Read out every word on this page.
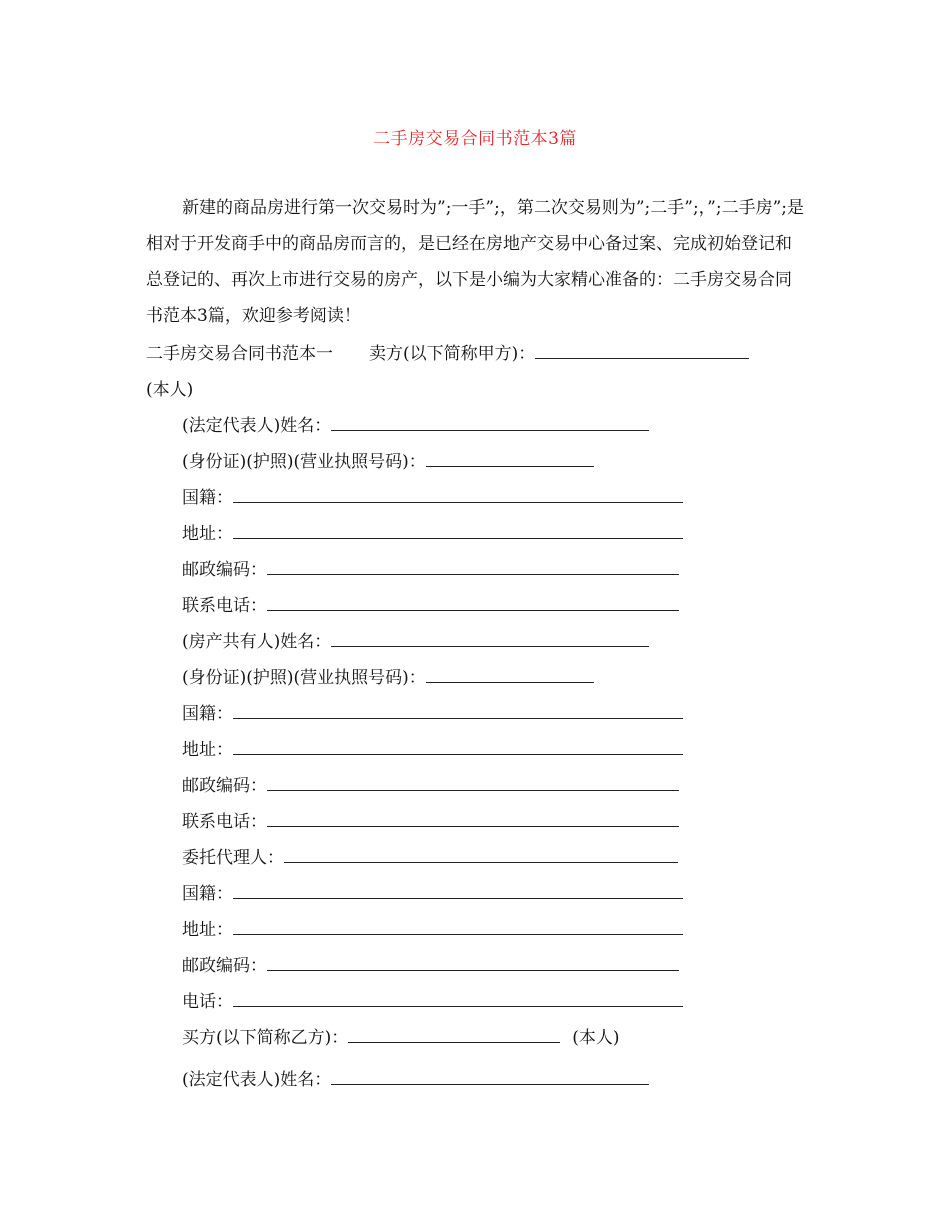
二手房交易合同书范本3篇

新建的商品房进行第一次交易时为”;一手”;，第二次交易则为”;二手”;，”;二手房”;是相对于开发商手中的商品房而言的，是已经在房地产交易中心备过案、完成初始登记和总登记的、再次上市进行交易的房产，以下是小编为大家精心准备的：二手房交易合同书范本3篇，欢迎参考阅读！

二手房交易合同书范本一 卖方(以下简称甲方)：
(本人)
(法定代表人)姓名：
(身份证)(护照)(营业执照号码)：
国籍：
地址：
邮政编码：
联系电话：
(房产共有人)姓名：
(身份证)(护照)(营业执照号码)：
国籍：
地址：
邮政编码：
联系电话：
委托代理人：
国籍：
地址：
邮政编码：
电话：
买方(以下简称乙方)：	(本人)
(法定代表人)姓名：
